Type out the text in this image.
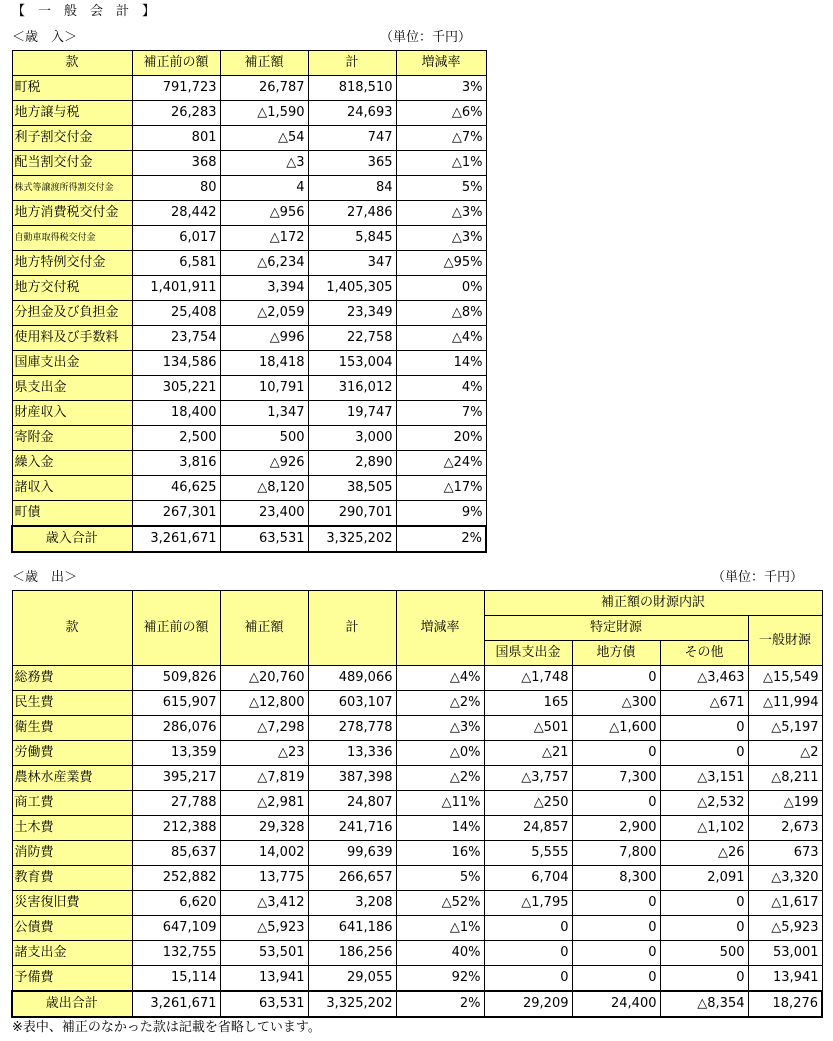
【　一　般　会　計　】
＜歳　入＞	（単位：千円）
款	補正前の額	補正額	計	増減率
町税	791,723	26,787	818,510	3%
地方譲与税	26,283	△1,590	24,693	△6%
利子割交付金	801	△54	747	△7%
配当割交付金	368	△3	365	△1%
株式等譲渡所得割交付金	80	4	84	5%
地方消費税交付金	28,442	△956	27,486	△3%
自動車取得税交付金	6,017	△172	5,845	△3%
地方特例交付金	6,581	△6,234	347	△95%
地方交付税	1,401,911	3,394	1,405,305	0%
分担金及び負担金	25,408	△2,059	23,349	△8%
使用料及び手数料	23,754	△996	22,758	△4%
国庫支出金	134,586	18,418	153,004	14%
県支出金	305,221	10,791	316,012	4%
財産収入	18,400	1,347	19,747	7%
寄附金	2,500	500	3,000	20%
繰入金	3,816	△926	2,890	△24%
諸収入	46,625	△8,120	38,505	△17%
町債	267,301	23,400	290,701	9%
歳入合計	3,261,671	63,531	3,325,202	2%
＜歳　出＞	（単位：千円）
款	補正前の額	補正額	計	増減率	補正額の財源内訳			
					特定財源			一般財源
					国県支出金	地方債	その他	
総務費	509,826	△20,760	489,066	△4%	△1,748	0	△3,463	△15,549
民生費	615,907	△12,800	603,107	△2%	165	△300	△671	△11,994
衛生費	286,076	△7,298	278,778	△3%	△501	△1,600	0	△5,197
労働費	13,359	△23	13,336	△0%	△21	0	0	△2
農林水産業費	395,217	△7,819	387,398	△2%	△3,757	7,300	△3,151	△8,211
商工費	27,788	△2,981	24,807	△11%	△250	0	△2,532	△199
土木費	212,388	29,328	241,716	14%	24,857	2,900	△1,102	2,673
消防費	85,637	14,002	99,639	16%	5,555	7,800	△26	673
教育費	252,882	13,775	266,657	5%	6,704	8,300	2,091	△3,320
災害復旧費	6,620	△3,412	3,208	△52%	△1,795	0	0	△1,617
公債費	647,109	△5,923	641,186	△1%	0	0	0	△5,923
諸支出金	132,755	53,501	186,256	40%	0	0	500	53,001
予備費	15,114	13,941	29,055	92%	0	0	0	13,941
歳出合計	3,261,671	63,531	3,325,202	2%	29,209	24,400	△8,354	18,276
※表中、補正のなかった款は記載を省略しています。
